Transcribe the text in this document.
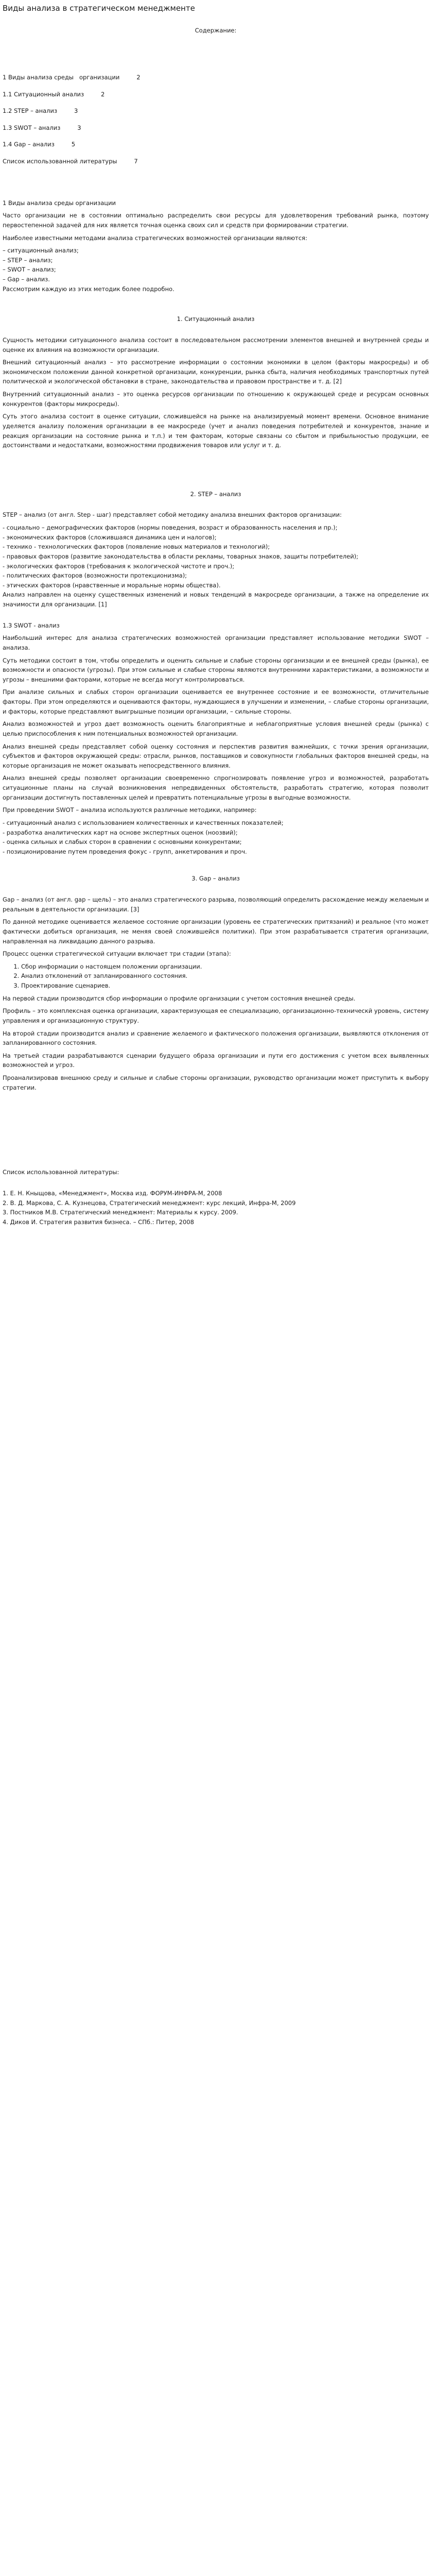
Виды анализа в стратегическом менеджменте
Содержание:
1 Виды анализа среды   организации         2
1.1 Ситуационный анализ         2
1.2 STEP – анализ         3
1.3 SWOT – анализ         3
1.4 Gap – анализ         5
Список использованной литературы         7
1 Виды анализа среды организации

Часто организации не в состоянии оптимально распределить свои ресурсы для удовлетворения требований рынка, поэтому первостепенной задачей для них является точная оценка своих сил и средств при формировании стратегии.

Наиболее известными методами анализа стратегических возможностей организации являются:

– ситуационный анализ;
– STEP – анализ;
– SWOT – анализ;
– Gap – анализ.

Рассмотрим каждую из этих методик более подробно.

1. Ситуационный анализ

Сущность методики ситуационного анализа состоит в последовательном рассмотрении элементов внешней и внутренней среды и оценке их влияния на возможности организации.

Внешний ситуационный анализ – это рассмотрение информации о состоянии экономики в целом (факторы макросреды) и об экономическом положении данной конкретной организации, конкуренции, рынка сбыта, наличия необходимых транспортных путей политической и экологической обстановки в стране, законодательства и правовом пространстве и т. д. [2]

Внутренний ситуационный анализ – это оценка ресурсов организации по отношению к окружающей среде и ресурсам основных конкурентов (факторы микросреды).

Суть этого анализа состоит в оценке ситуации, сложившейся на рынке на анализируемый момент времени. Основное внимание уделяется анализу положения организации в ее макросреде (учет и анализ поведения потребителей и конкурентов, знание и реакция организации на состояние рынка и т.п.) и тем факторам, которые связаны со сбытом и прибыльностью продукции, ее достоинствами и недостатками, возможностями продвижения товаров или услуг и т. д.

2. STEP – анализ

STEP – анализ (от англ. Step - шаг) представляет собой методику анализа внешних факторов организации:

- социально – демографических факторов (нормы поведения, возраст и образованность населения и пр.);
- экономических факторов (сложившаяся динамика цен и налогов);
- технико - технологических факторов (появление новых материалов и технологий);
- правовых факторов (развитие законодательства в области рекламы, товарных знаков, защиты потребителей);
- экологических факторов (требования к экологической чистоте и проч.);
- политических факторов (возможности протекционизма);
- этических факторов (нравственные и моральные нормы общества).

Анализ направлен на оценку существенных изменений и новых тенденций в макросреде организации, а также на определение их значимости для организации. [1]

1.3 SWOT - анализ

Наибольший интерес для анализа стратегических возможностей организации представляет использование методики SWOT – анализа.

Суть методики состоит в том, чтобы определить и оценить сильные и слабые стороны организации и ее внешней среды (рынка), ее возможности и опасности (угрозы). При этом сильные и слабые стороны являются внутренними характеристиками, а возможности и угрозы – внешними факторами, которые не всегда могут контролироваться.

При анализе сильных и слабых сторон организации оценивается ее внутреннее состояние и ее возможности, отличительные факторы. При этом определяются и оцениваются факторы, нуждающиеся в улучшении и изменении, – слабые стороны организации, и факторы, которые представляют выигрышные позиции организации, – сильные стороны.

Анализ возможностей и угроз дает возможность оценить благоприятные и неблагоприятные условия внешней среды (рынка) с целью приспособления к ним потенциальных возможностей организации.

Анализ внешней среды представляет собой оценку состояния и перспектив развития важнейших, с точки зрения организации, субъектов и факторов окружающей среды: отрасли, рынков, поставщиков и совокупности глобальных факторов внешней среды, на которые организация не может оказывать непосредственного влияния.

Анализ внешней среды позволяет организации своевременно спрогнозировать появление угроз и возможностей, разработать ситуационные планы на случай возникновения непредвиденных обстоятельств, разработать стратегию, которая позволит организации достигнуть поставленных целей и превратить потенциальные угрозы в выгодные возможности.

При проведении SWOT – анализа используются различные методики, например:

- ситуационный анализ с использованием количественных и качественных показателей;
- разработка аналитических карт на основе экспертных оценок (ноозвий);
- оценка сильных и слабых сторон в сравнении с основными конкурентами;
- позиционирование путем проведения фокус - групп, анкетирования и проч.
3. Gap – анализ

Gap – анализ (от англ. gap – щель) – это анализ стратегического разрыва, позволяющий определить расхождение между желаемым и реальным в деятельности организации. [3]

По данной методике оценивается желаемое состояние организации (уровень ее стратегических притязаний) и реальное (что может фактически добиться организация, не меняя своей сложившейся политики). При этом разрабатывается стратегия организации, направленная на ликвидацию данного разрыва.

Процесс оценки стратегической ситуации включает три стадии (этапа):

1. Сбор информации о настоящем положении организации.
2. Анализ отклонений от запланированного состояния.
3. Проектирование сценариев.

На первой стадии производится сбор информации о профиле организации с учетом состояния внешней среды.

Профиль – это комплексная оценка организации, характеризующая ее специализацию, организационно-техническй уровень, систему управления и организационную структуру.

На второй стадии производится анализ и сравнение желаемого и фактического положения организации, выявляются отклонения от запланированного состояния.

На третьей стадии разрабатываются сценарии будущего образа организации и пути его достижения с учетом всех выявленных возможностей и угроз.

Проанализировав внешнюю среду и сильные и слабые стороны организации, руководство организации может приступить к выбору стратегии.

Список использованной литературы:
1. Е. Н. Кныщова, «Менеджмент», Москва изд. ФОРУМ-ИНФРА-М, 2008
2. В. Д. Маркова, С. А. Кузнецова, Стратегический менеджмент: курс лекций, Инфра-М, 2009
3. Постников М.В. Стратегический менеджмент: Материалы к курсу. 2009.
4. Диков И. Стратегия развития бизнеса. – СПб.: Питер, 2008
